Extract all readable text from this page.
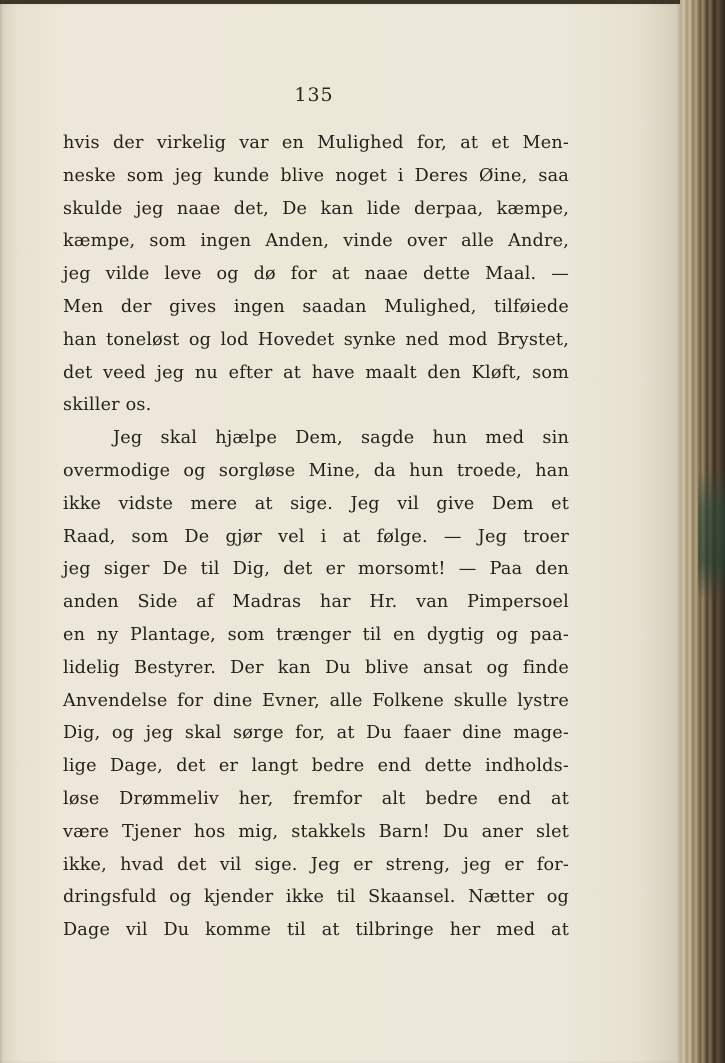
135
hvis der virkelig var en Mulighed for, at et Men-
neske som jeg kunde blive noget i Deres Øine, saa
skulde jeg naae det, De kan lide derpaa, kæmpe,
kæmpe, som ingen Anden, vinde over alle Andre,
jeg vilde leve og dø for at naae dette Maal. —
Men der gives ingen saadan Mulighed, tilføiede
han toneløst og lod Hovedet synke ned mod Brystet,
det veed jeg nu efter at have maalt den Kløft, som
skiller os.
Jeg skal hjælpe Dem, sagde hun med sin
overmodige og sorgløse Mine, da hun troede, han
ikke vidste mere at sige. Jeg vil give Dem et
Raad, som De gjør vel i at følge. — Jeg troer
jeg siger De til Dig, det er morsomt! — Paa den
anden Side af Madras har Hr. van Pimpersoel
en ny Plantage, som trænger til en dygtig og paa-
lidelig Bestyrer. Der kan Du blive ansat og finde
Anvendelse for dine Evner, alle Folkene skulle lystre
Dig, og jeg skal sørge for, at Du faaer dine mage-
lige Dage, det er langt bedre end dette indholds-
løse Drømmeliv her, fremfor alt bedre end at
være Tjener hos mig, stakkels Barn! Du aner slet
ikke, hvad det vil sige. Jeg er streng, jeg er for-
dringsfuld og kjender ikke til Skaansel. Nætter og
Dage vil Du komme til at tilbringe her med at
